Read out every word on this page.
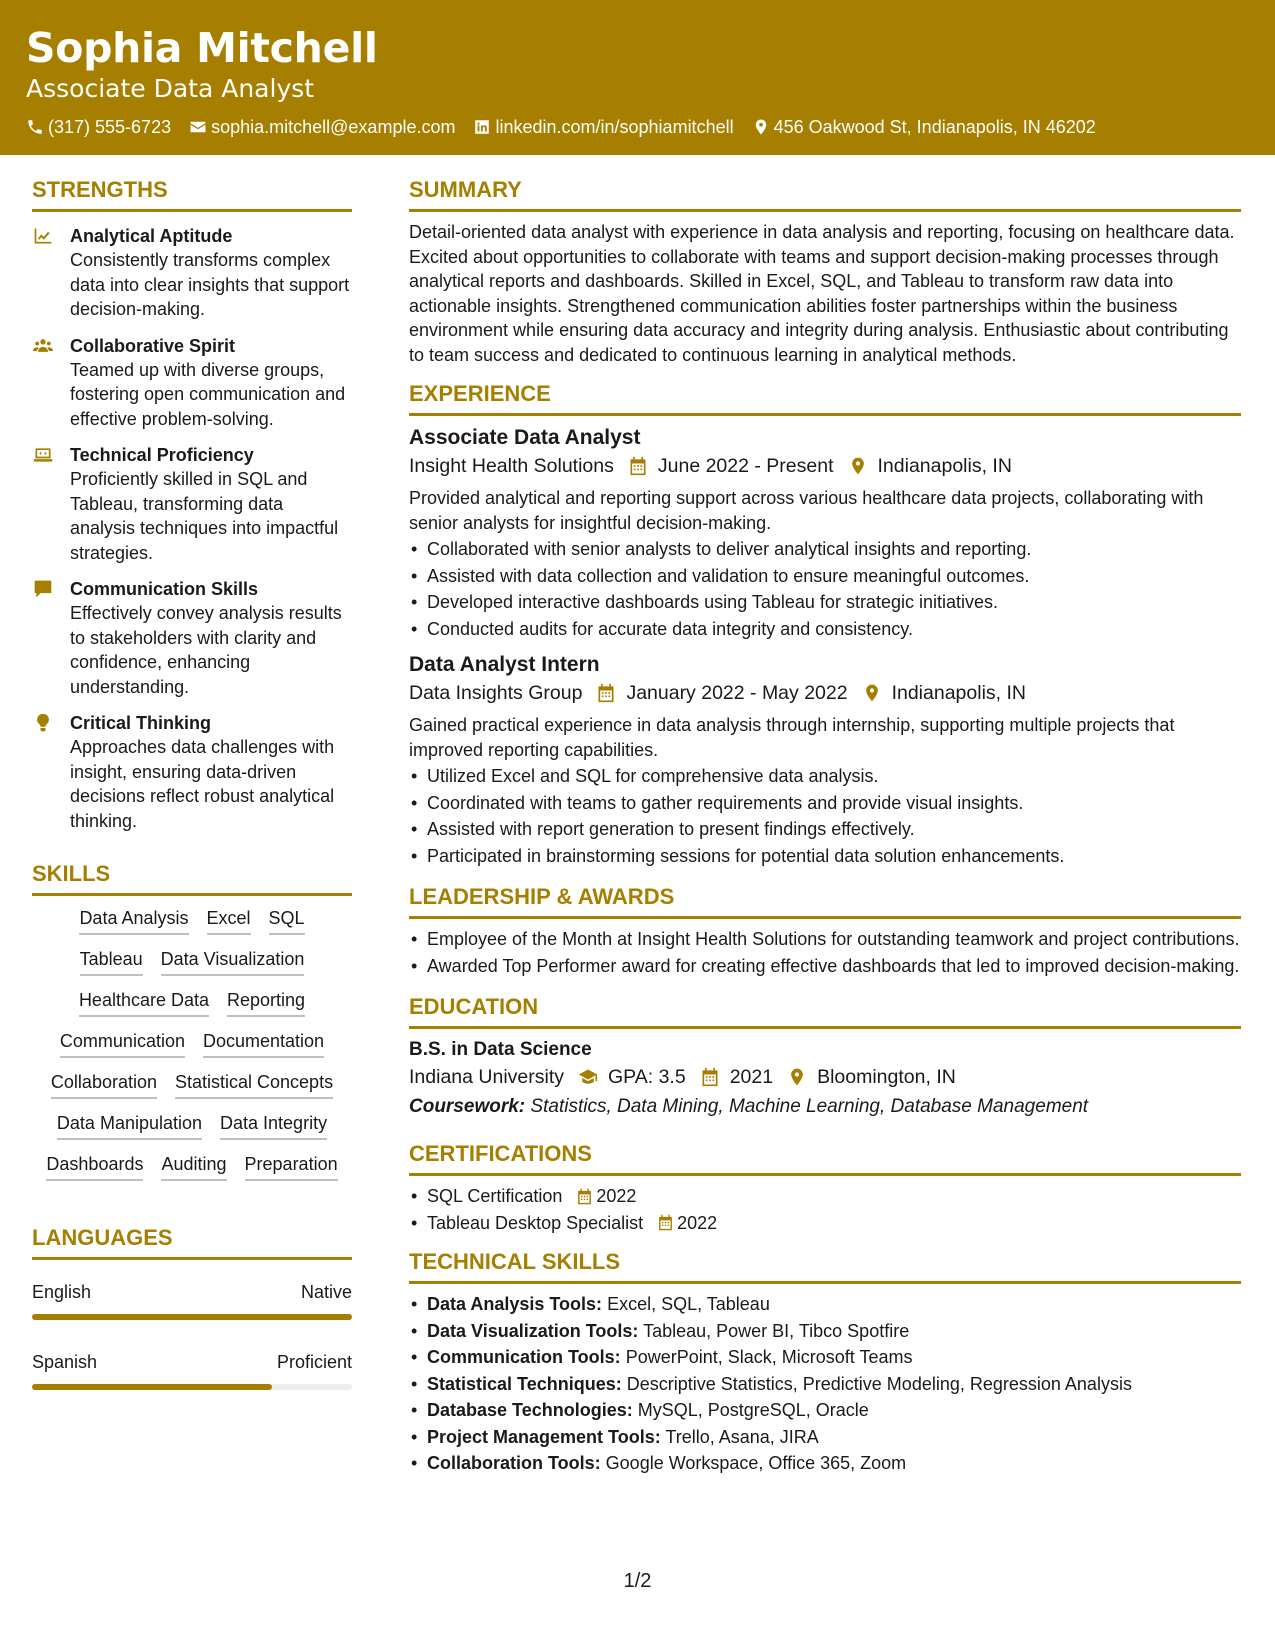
Sophia Mitchell
Associate Data Analyst
(317) 555-6723 sophia.mitchell@example.com linkedin.com/in/sophiamitchell 456 Oakwood St, Indianapolis, IN 46202
STRENGTHS
Analytical Aptitude
Consistently transforms complex data into clear insights that support decision-making.
Collaborative Spirit
Teamed up with diverse groups, fostering open communication and effective problem-solving.
Technical Proficiency
Proficiently skilled in SQL and Tableau, transforming data analysis techniques into impactful strategies.
Communication Skills
Effectively convey analysis results to stakeholders with clarity and confidence, enhancing understanding.
Critical Thinking
Approaches data challenges with insight, ensuring data-driven decisions reflect robust analytical thinking.
SKILLS
Data Analysis Excel SQL
Tableau Data Visualization
Healthcare Data Reporting
Communication Documentation
Collaboration Statistical Concepts
Data Manipulation Data Integrity
Dashboards Auditing Preparation
LANGUAGES
English	Native
Spanish	Proficient
SUMMARY
Detail-oriented data analyst with experience in data analysis and reporting, focusing on healthcare data. Excited about opportunities to collaborate with teams and support decision-making processes through analytical reports and dashboards. Skilled in Excel, SQL, and Tableau to transform raw data into actionable insights. Strengthened communication abilities foster partnerships within the business environment while ensuring data accuracy and integrity during analysis. Enthusiastic about contributing to team success and dedicated to continuous learning in analytical methods.
EXPERIENCE
Associate Data Analyst
Insight Health Solutions June 2022 - Present Indianapolis, IN
Provided analytical and reporting support across various healthcare data projects, collaborating with senior analysts for insightful decision-making.
• Collaborated with senior analysts to deliver analytical insights and reporting.
• Assisted with data collection and validation to ensure meaningful outcomes.
• Developed interactive dashboards using Tableau for strategic initiatives.
• Conducted audits for accurate data integrity and consistency.
Data Analyst Intern
Data Insights Group January 2022 - May 2022 Indianapolis, IN
Gained practical experience in data analysis through internship, supporting multiple projects that improved reporting capabilities.
• Utilized Excel and SQL for comprehensive data analysis.
• Coordinated with teams to gather requirements and provide visual insights.
• Assisted with report generation to present findings effectively.
• Participated in brainstorming sessions for potential data solution enhancements.
LEADERSHIP & AWARDS
• Employee of the Month at Insight Health Solutions for outstanding teamwork and project contributions.
• Awarded Top Performer award for creating effective dashboards that led to improved decision-making.
EDUCATION
B.S. in Data Science
Indiana University GPA: 3.5 2021 Bloomington, IN
Coursework: Statistics, Data Mining, Machine Learning, Database Management
CERTIFICATIONS
• SQL Certification 2022
• Tableau Desktop Specialist 2022
TECHNICAL SKILLS
• Data Analysis Tools: Excel, SQL, Tableau
• Data Visualization Tools: Tableau, Power BI, Tibco Spotfire
• Communication Tools: PowerPoint, Slack, Microsoft Teams
• Statistical Techniques: Descriptive Statistics, Predictive Modeling, Regression Analysis
• Database Technologies: MySQL, PostgreSQL, Oracle
• Project Management Tools: Trello, Asana, JIRA
• Collaboration Tools: Google Workspace, Office 365, Zoom
1/2
